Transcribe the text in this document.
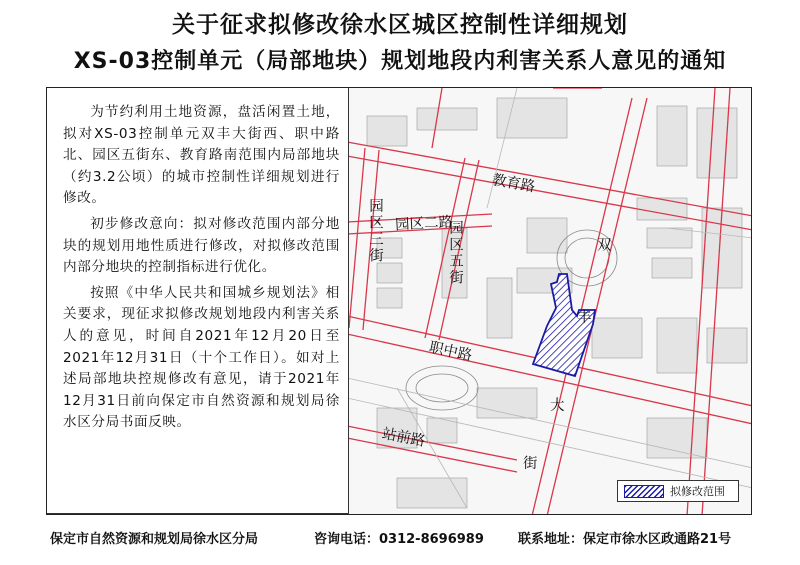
关于征求拟修改徐水区城区控制性详细规划
XS-03控制单元（局部地块）规划地段内利害关系人意见的通知
教育路
园区二路
园区三街	园区五街
职中路
站前路
双
丰
大
街

为节约利用土地资源，盘活闲置土地，拟对XS-03控制单元双丰大街西、职中路北、园区五街东、教育路南范围内局部地块（约3.2公顷）的城市控制性详细规划进行修改。

初步修改意向：拟对修改范围内部分地块的规划用地性质进行修改，对拟修改范围内部分地块的控制指标进行优化。

按照《中华人民共和国城乡规划法》相关要求，现征求拟修改规划地段内利害关系人的意见，时间自2021年12月20日至2021年12月31日（十个工作日）。如对上述局部地块控规修改有意见，请于2021年12月31日前向保定市自然资源和规划局徐水区分局书面反映。

拟修改范围
保定市自然资源和规划局徐水区分局	咨询电话：0312-8696989	联系地址：保定市徐水区政通路21号
